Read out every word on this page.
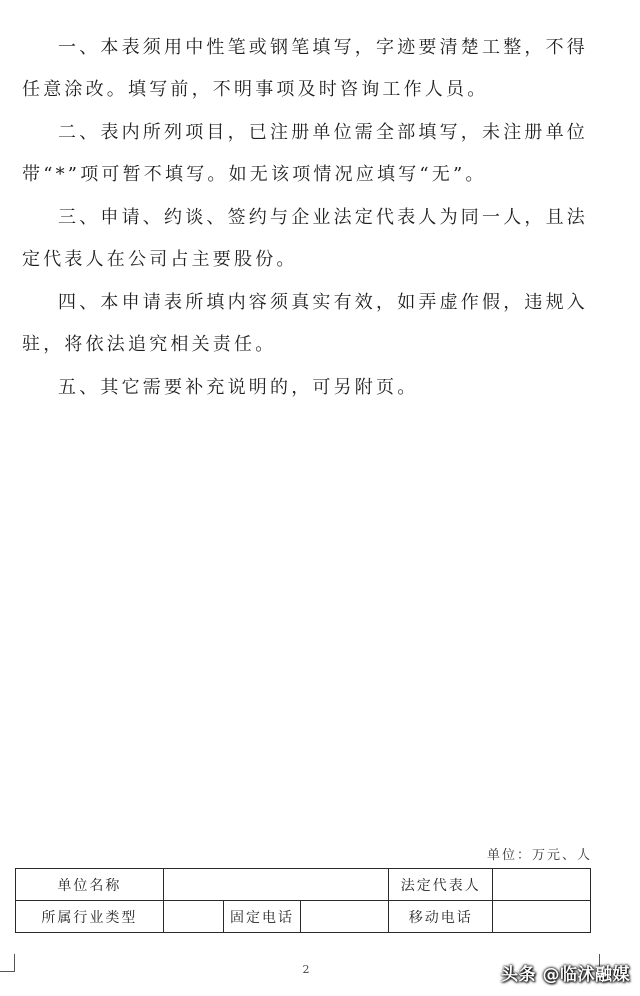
一、本表须用中性笔或钢笔填写，字迹要清楚工整，不得任意涂改。填写前，不明事项及时咨询工作人员。

二、表内所列项目，已注册单位需全部填写，未注册单位带“*”项可暂不填写。如无该项情况应填写“无”。

三、申请、约谈、签约与企业法定代表人为同一人，且法定代表人在公司占主要股份。

四、本申请表所填内容须真实有效，如弄虚作假，违规入驻，将依法追究相关责任。

五、其它需要补充说明的，可另附页。

单位：万元、人
单位名称				法定代表人	
所属行业类型		固定电话		移动电话	
2	头条 @临沭融媒
